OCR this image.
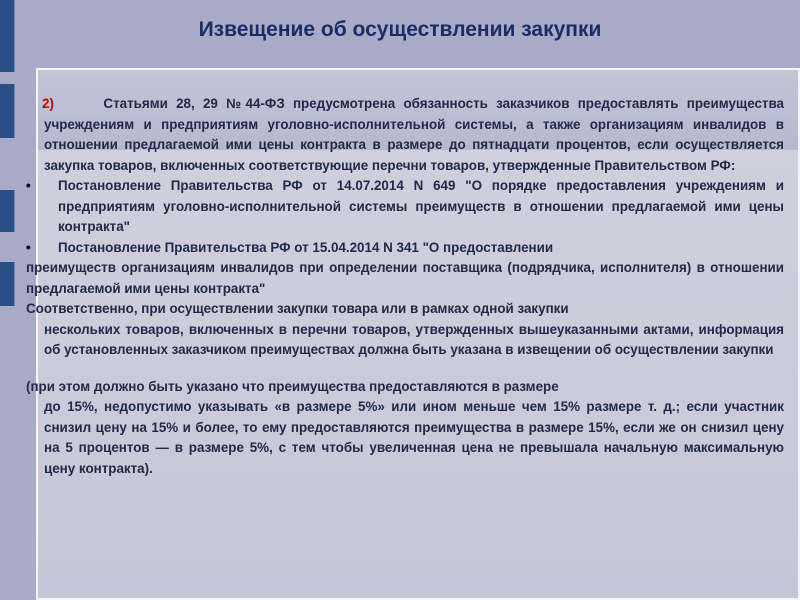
Извещение об осуществлении закупки

2)	Статьями 28, 29 №44-ФЗ предусмотрена обязанность заказчиков предоставлять преимущества учреждениям и предприятиям уголовно-исполнительной системы, а также организациям инвалидов в отношении предлагаемой ими цены контракта в размере до пятнадцати процентов, если осуществляется закупка товаров, включенных соответствующие перечни товаров, утвержденные Правительством РФ:

•	Постановление Правительства РФ от 14.07.2014 N 649 "О порядке предоставления учреждениям и предприятиям уголовно-исполнительной системы преимуществ в отношении предлагаемой ими цены контракта"

•	Постановление Правительства РФ от 15.04.2014 N 341 "О предоставлении

преимуществ организациям инвалидов при определении поставщика (подрядчика, исполнителя) в отношении предлагаемой ими цены контракта"

Соответственно, при осуществлении закупки товара или в рамках одной закупки

нескольких товаров, включенных в перечни товаров, утвержденных вышеуказанными актами, информация об установленных заказчиком преимуществах должна быть указана в извещении об осуществлении закупки

(при этом должно быть указано что преимущества предоставляются в размере

до 15%, недопустимо указывать «в размере 5%» или ином меньше чем 15% размере т. д.; если участник снизил цену на 15% и более, то ему предоставляются преимущества в размере 15%, если же он снизил цену на 5 процентов — в размере 5%, с тем чтобы увеличенная цена не превышала начальную максимальную цену контракта).
